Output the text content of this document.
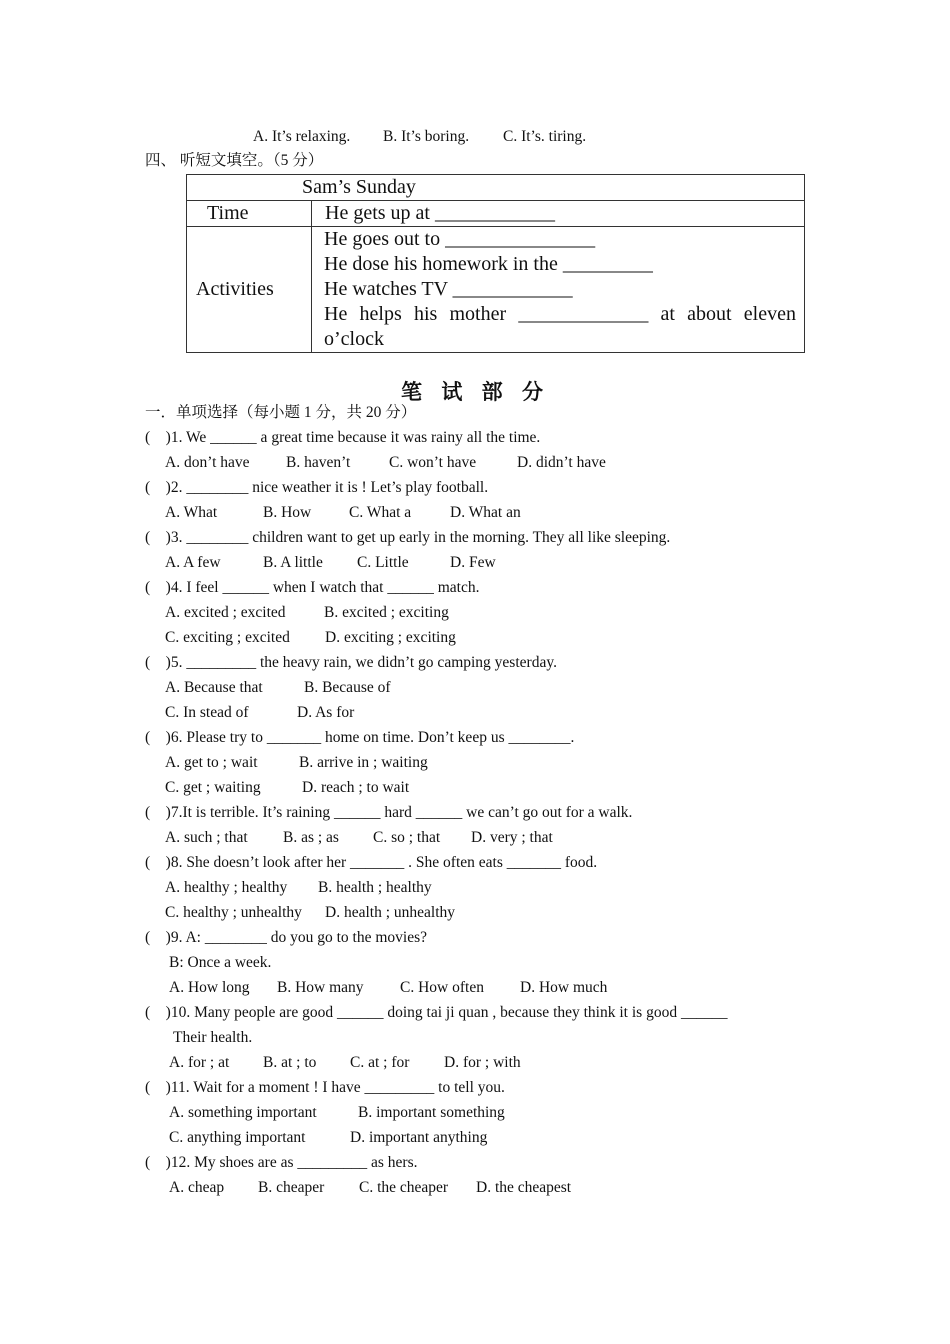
A. It’s relaxing. B. It’s boring. C. It’s. tiring.
四、 听短文填空。（5 分）
Sam’s Sunday	
Time	He gets up at ____________
Activities	He goes out to _______________
He dose his homework in the _________
He watches TV ____________
He helps his mother _____________ at about eleven
o’clock
笔 试 部 分
一．单项选择（每小题 1 分，共 20 分）
(    )1. We ______ a great time because it was rainy all the time.
A. don’t have B. haven’t C. won’t have	D. didn’t have
(    )2. ________ nice weather it is ! Let’s play football.
A. What	B. How C. What a	D. What an
(    )3. ________ children want to get up early in the morning. They all like sleeping.
A. A few	B. A little C. Little	D. Few
(    )4. I feel ______ when I watch that ______ match.
A. excited ; excited B. excited ; exciting
C. exciting ; excited D. exciting ; exciting
(    )5. _________ the heavy rain, we didn’t go camping yesterday.
A. Because that	B. Because of
C. In stead of	D. As for
(    )6. Please try to _______ home on time. Don’t keep us ________.
A. get to ; wait	B. arrive in ; waiting
C. get ; waiting	D. reach ; to wait
(    )7.It is terrible. It’s raining ______ hard ______ we can’t go out for a walk.
A. such ; that B. as ; as C. so ; that D. very ; that
(    )8. She doesn’t look after her _______ . She often eats _______ food.
A. healthy ; healthy B. health ; healthy
C. healthy ; unhealthy D. health ; unhealthy
(    )9. A: ________ do you go to the movies?
B: Once a week.
A. How long B. How many C. How often D. How much
(    )10. Many people are good ______ doing tai ji quan , because they think it is good ______
Their health.
A. for ; at B. at ; to C. at ; for D. for ; with
(    )11. Wait for a moment ! I have _________ to tell you.
A. something important	B. important something
C. anything important	D. important anything
(    )12. My shoes are as _________ as hers.
A. cheap B. cheaper C. the cheaper D. the cheapest
